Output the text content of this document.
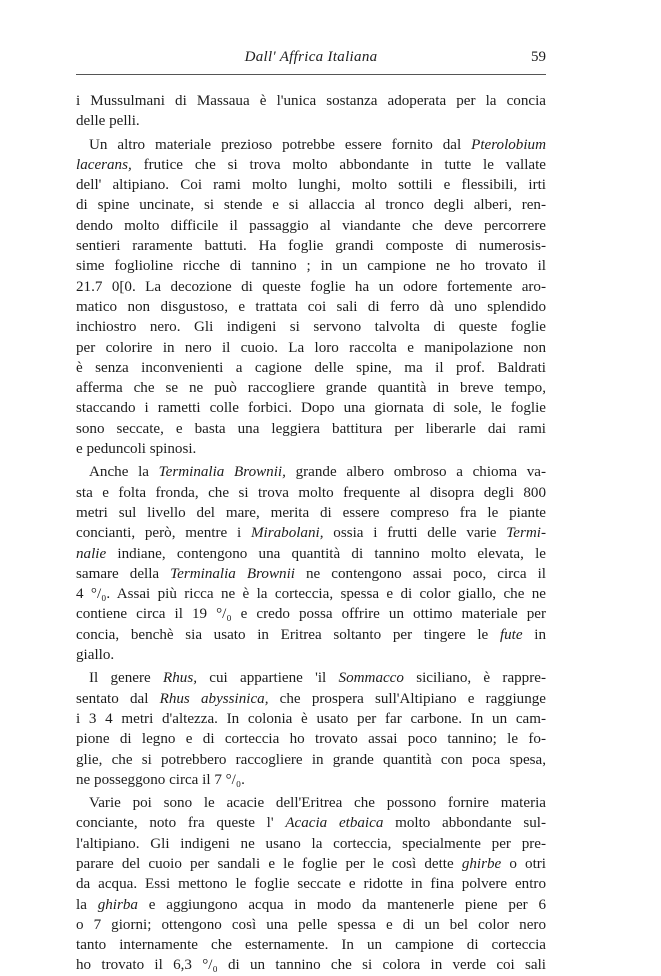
Dall' Affrica Italiana	59
i Mussulmani di Massaua è l'unica sostanza adoperata per la concia
delle pelli.
Un altro materiale prezioso potrebbe essere fornito dal Pterolobium
lacerans, frutice che si trova molto abbondante in tutte le vallate
dell' altipiano. Coi rami molto lunghi, molto sottili e flessibili, irti
di spine uncinate, si stende e si allaccia al tronco degli alberi, ren-
dendo molto difficile il passaggio al viandante che deve percorrere
sentieri raramente battuti. Ha foglie grandi composte di numerosis-
sime foglioline ricche di tannino ; in un campione ne ho trovato il
21.7 0[0. La decozione di queste foglie ha un odore fortemente aro-
matico non disgustoso, e trattata coi sali di ferro dà uno splendido
inchiostro nero. Gli indigeni si servono talvolta di queste foglie
per colorire in nero il cuoio. La loro raccolta e manipolazione non
è senza inconvenienti a cagione delle spine, ma il prof. Baldrati
afferma che se ne può raccogliere grande quantità in breve tempo,
staccando i rametti colle forbici. Dopo una giornata di sole, le foglie
sono seccate, e basta una leggiera battitura per liberarle dai rami
e peduncoli spinosi.
Anche la Terminalia Brownii, grande albero ombroso a chioma va-
sta e folta fronda, che si trova molto frequente al disopra degli 800
metri sul livello del mare, merita di essere compreso fra le piante
concianti, però, mentre i Mirabolani, ossia i frutti delle varie Termi-
nalie indiane, contengono una quantità di tannino molto elevata, le
samare della Terminalia Brownii ne contengono assai poco, circa il
4 °/₀. Assai più ricca ne è la corteccia, spessa e di color giallo, che ne
contiene circa il 19 °/₀ e credo possa offrire un ottimo materiale per
concia, benchè sia usato in Eritrea soltanto per tingere le fute in
giallo.
Il genere Rhus, cui appartiene 'il Sommacco siciliano, è rappre-
sentato dal Rhus abyssinica, che prospera sull'Altipiano e raggiunge
i 3 4 metri d'altezza. In colonia è usato per far carbone. In un cam-
pione di legno e di corteccia ho trovato assai poco tannino; le fo-
glie, che si potrebbero raccogliere in grande quantità con poca spesa,
ne posseggono circa il 7 °/₀.
Varie poi sono le acacie dell'Eritrea che possono fornire materia
conciante, noto fra queste l' Acacia etbaica molto abbondante sul-
l'altipiano. Gli indigeni ne usano la corteccia, specialmente per pre-
parare del cuoio per sandali e le foglie per le così dette ghirbe o otri
da acqua. Essi mettono le foglie seccate e ridotte in fina polvere entro
la ghirba e aggiungono acqua in modo da mantenerle piene per 6
o 7 giorni; ottengono così una pelle spessa e di un bel color nero
tanto internamente che esternamente. In un campione di corteccia
ho trovato il 6,3 °/₀ di un tannino che si colora in verde coi sali
